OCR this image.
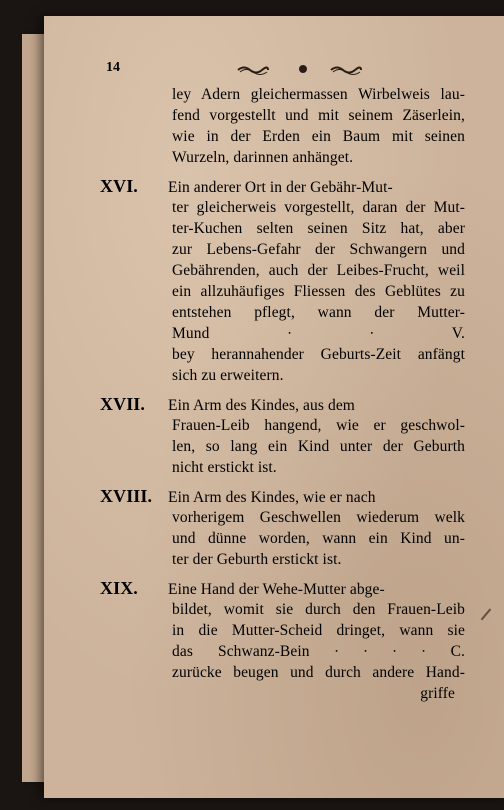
14
ley Adern gleichermassen Wirbelweis lau-
fend vorgestellt und mit seinem Zäserlein,
wie in der Erden ein Baum mit seinen
Wurzeln, darinnen anhänget.
XVI. Ein anderer Ort in der Gebähr-Mut-
ter gleicherweis vorgestellt, daran der Mut-
ter-Kuchen selten seinen Sitz hat, aber
zur Lebens-Gefahr der Schwangern und
Gebährenden, auch der Leibes-Frucht, weil
ein allzuhäufiges Fliessen des Geblütes zu
entstehen pflegt, wann der Mutter-
Mund ∙ ∙ V.
bey herannahender Geburts-Zeit anfängt
sich zu erweitern.
XVII. Ein Arm des Kindes, aus dem
Frauen-Leib hangend, wie er geschwol-
len, so lang ein Kind unter der Geburth
nicht erstickt ist.
XVIII. Ein Arm des Kindes, wie er nach
vorherigem Geschwellen wiederum welk
und dünne worden, wann ein Kind un-
ter der Geburth erstickt ist.
XIX. Eine Hand der Wehe-Mutter abge-
bildet, womit sie durch den Frauen-Leib
in die Mutter-Scheid dringet, wann sie
das Schwanz-Bein ∙ ∙ ∙ ∙ C.
zurücke beugen und durch andere Hand-
griffe
